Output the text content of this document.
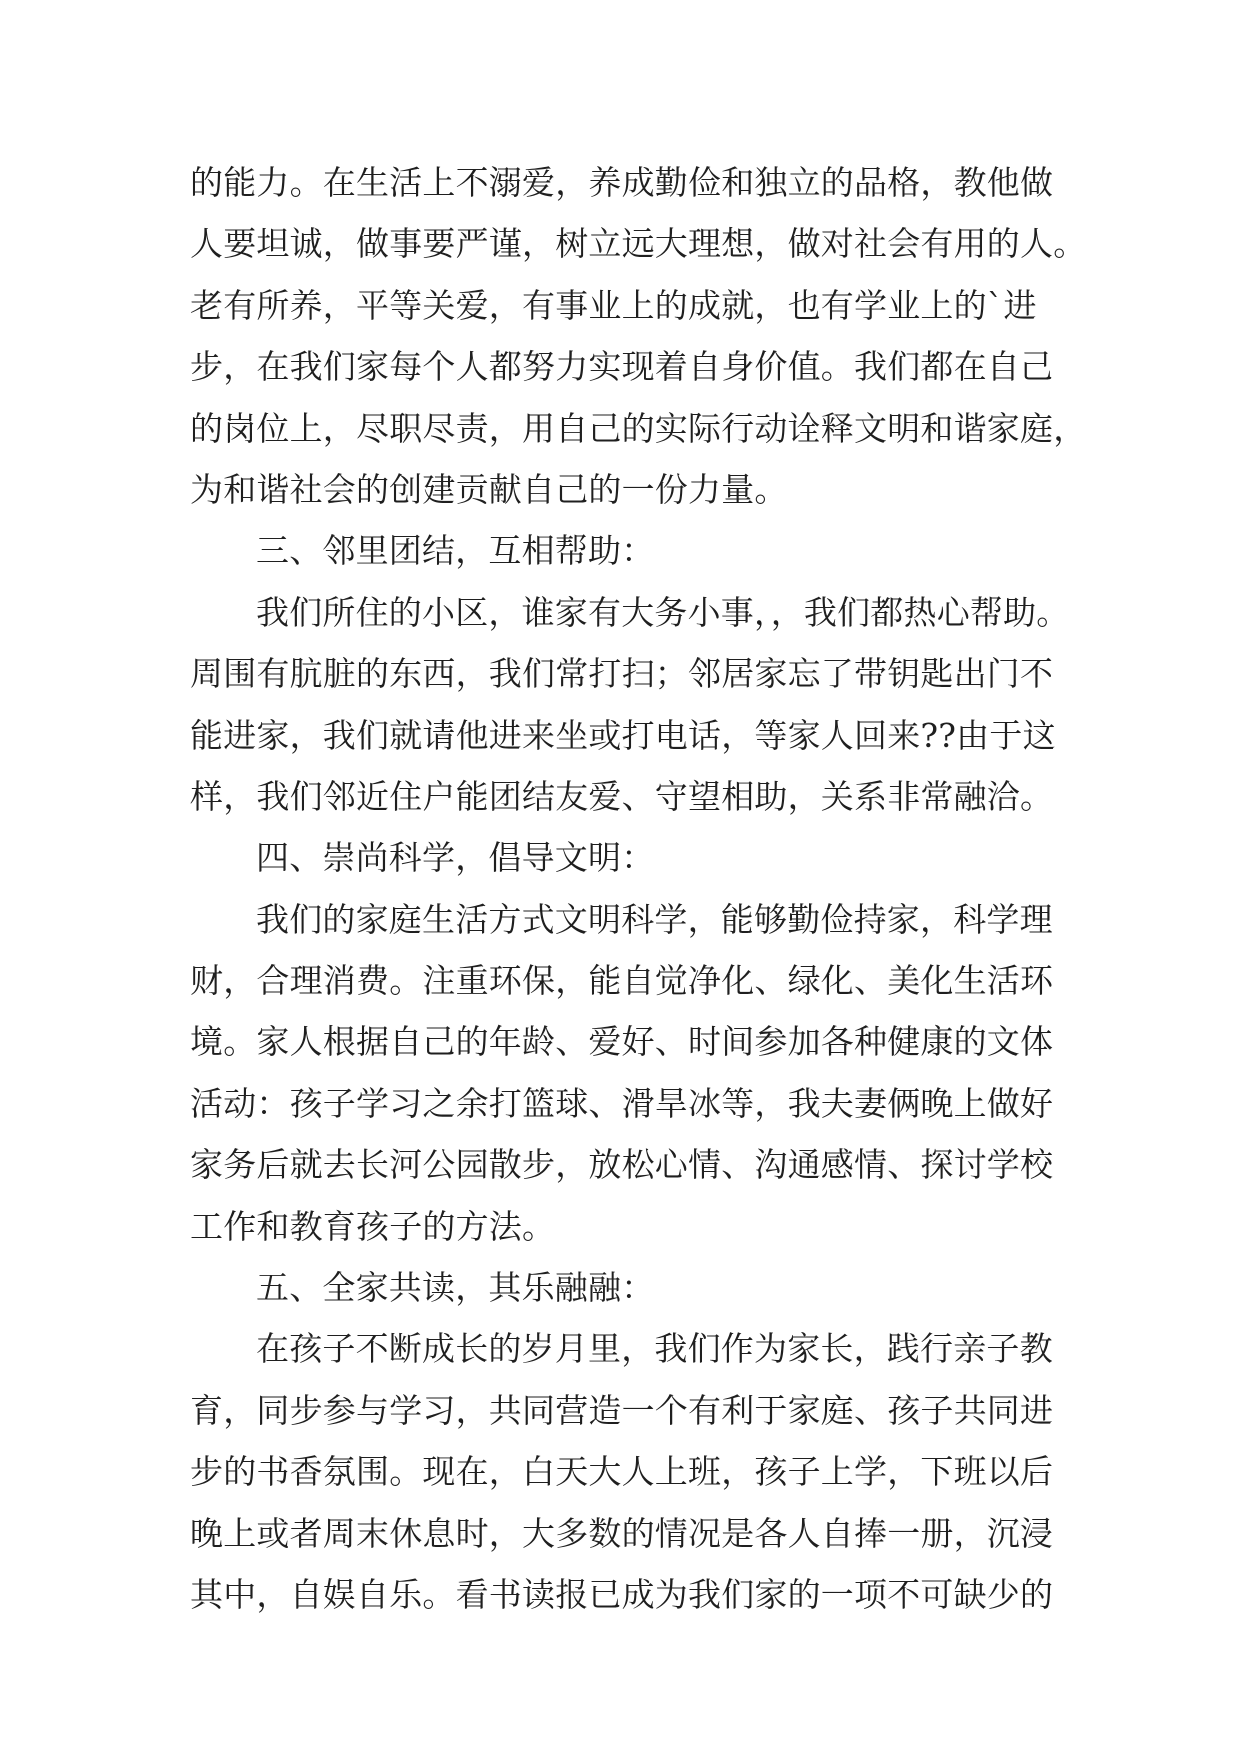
的能力。在生活上不溺爱，养成勤俭和独立的品格，教他做
人要坦诚，做事要严谨，树立远大理想，做对社会有用的人。
老有所养，平等关爱，有事业上的成就，也有学业上的`进
步，在我们家每个人都努力实现着自身价值。我们都在自己
的岗位上，尽职尽责，用自己的实际行动诠释文明和谐家庭，
为和谐社会的创建贡献自己的一份力量。
三、邻里团结，互相帮助：
我们所住的小区，谁家有大务小事，，我们都热心帮助。
周围有肮脏的东西，我们常打扫；邻居家忘了带钥匙出门不
能进家，我们就请他进来坐或打电话，等家人回来??由于这
样，我们邻近住户能团结友爱、守望相助，关系非常融洽。
四、崇尚科学，倡导文明：
我们的家庭生活方式文明科学，能够勤俭持家，科学理
财，合理消费。注重环保，能自觉净化、绿化、美化生活环
境。家人根据自己的年龄、爱好、时间参加各种健康的文体
活动：孩子学习之余打篮球、滑旱冰等，我夫妻俩晚上做好
家务后就去长河公园散步，放松心情、沟通感情、探讨学校
工作和教育孩子的方法。
五、全家共读，其乐融融：
在孩子不断成长的岁月里，我们作为家长，践行亲子教
育，同步参与学习，共同营造一个有利于家庭、孩子共同进
步的书香氛围。现在，白天大人上班，孩子上学，下班以后
晚上或者周末休息时，大多数的情况是各人自捧一册，沉浸
其中，自娱自乐。看书读报已成为我们家的一项不可缺少的
